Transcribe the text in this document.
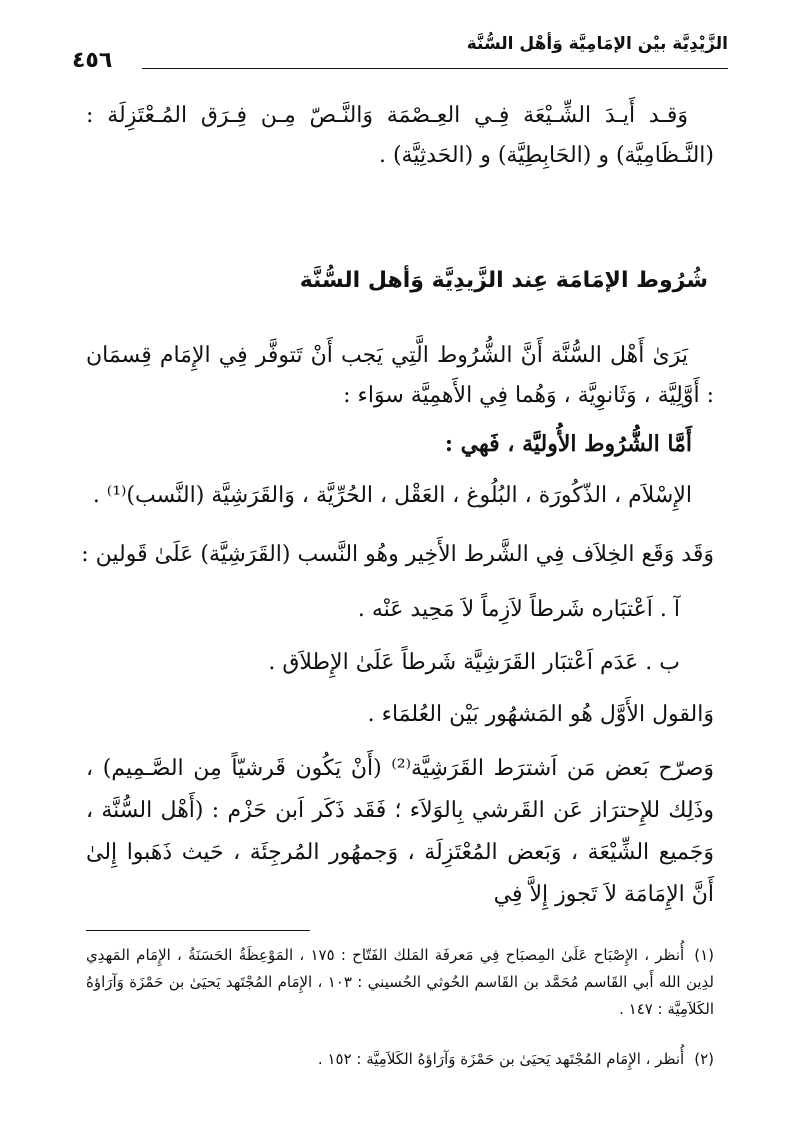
الزَّيْدِيَّة بيْن الإمَامِيَّة وَأهْل السُّنَّة
٤٥٦
وَقـد أَيـدَ الشِّـيْعَة فِـي العِـصْمَة وَالنَّـصّ مِـن فِـرَق المُـعْتَزِلَة : (النَّـظَامِيَّة) و (الحَابِطِيَّة) و (الحَدثِيَّة) .
شُرُوط الإمَامَة عِند الزَّيدِيَّة وَأهل السُّنَّة
يَرَىٰ أَهْل السُّنَّة أَنَّ الشُّرُوط الَّتِي يَجب أَنْ تَتوفَّر فِي الإِمَام قِسمَان : أَوَّلِيَّة ، وَثَانوِيَّة ، وَهُما فِي الأَهمِيَّة سوَاء :
أَمَّا الشُّرُوط الأُوليَّة ، فَهي :
الإِسْلاَم ، الذّكُورَة ، البُلُوغ ، العَقْل ، الحُرِّيَّة ، وَالقَرَشِيَّة (النَّسب)⁽¹⁾ .
وَقَد وَقَع الخِلاَف فِي الشَّرط الأَخِير وهُو النَّسب (القَرَشِيَّة) عَلَىٰ قَولين :
آ . اَعْتبَاره شَرطاً لاَزِماً لاَ مَحِيد عَنْه .
ب . عَدَم اَعْتبَار القَرَشِيَّة شَرطاً عَلَىٰ الإِطلاَق .
وَالقول الأَوَّل هُو المَشهُور بَيْن العُلمَاء .
وَصرّح بَعض مَن اَشترَط القَرَشِيَّة⁽²⁾ (أَنْ يَكُون قَرشيّاً مِن الصَّـمِيم) ، وذَلِك للإِحترَاز عَن القَرشي بِالوَلاَء ؛ فَقَد ذَكَر اَبن حَزْم : (أَهْل السُّنَّة ، وَجَميع الشِّيْعَة ، وَبَعض المُعْتَزِلَة ، وَجمهُور المُرجِئَة ، حَيث ذَهَبوا إِلىٰ أَنَّ الإِمَامَة لاَ تَجوز إِلاَّ فِي
(١)أُنظر ، الإِصْبَاح عَلَىٰ المِصبَاح فِي مَعرفَة المَلك الفَتّاح : ١٧٥ ، المَوْعِظَةُ الحَسَنَةُ ، الإِمَام المَهدِي لدِين الله أَبي القَاسم مُحَمَّد بن القَاسم الحُوثي الحُسيني : ١٠٣ ، الإِمَام المُجْتَهد يَحيَىٰ بن حَمْزَة وَآرَاؤهُ الكَلاَمِيَّة : ١٤٧ .
(٢)أُنظر ، الإِمَام المُجْتَهد يَحيَىٰ بن حَمْزَة وَآرَاؤهُ الكَلاَمِيَّة : ١٥٢ .
